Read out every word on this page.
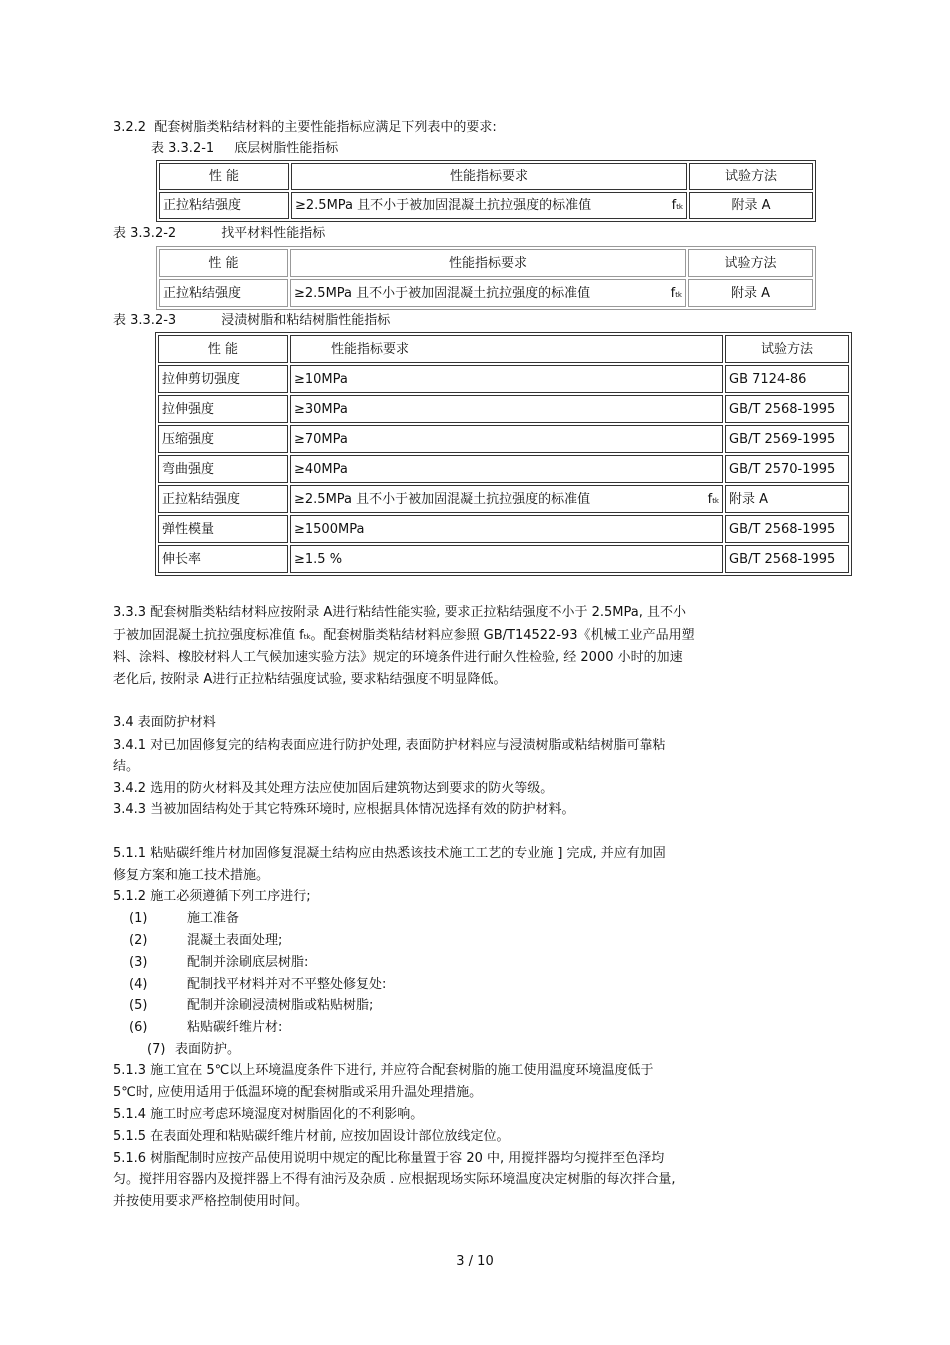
3.2.2 配套树脂类粘结材料的主要性能指标应满足下列表中的要求:
表 3.3.2-1 底层树脂性能指标
性 能	性能指标要求	试验方法
正拉粘结强度	≥2.5MPa 且不小于被加固混凝土抗拉强度的标准值 ftk	附录 A
表 3.3.2-2	找平材料性能指标
性 能	性能指标要求	试验方法
正拉粘结强度	≥2.5MPa 且不小于被加固混凝土抗拉强度的标准值 ftk	附录 A
表 3.3.2-3	浸渍树脂和粘结树脂性能指标
性 能	性能指标要求	试验方法
拉伸剪切强度	≥10MPa	GB 7124-86
拉伸强度	≥30MPa	GB/T 2568-1995
压缩强度	≥70MPa	GB/T 2569-1995
弯曲强度	≥40MPa	GB/T 2570-1995
正拉粘结强度	≥2.5MPa 且不小于被加固混凝土抗拉强度的标准值 ftk	附录 A
弹性模量	≥1500MPa	GB/T 2568-1995
伸长率	≥1.5 %	GB/T 2568-1995
3.3.3 配套树脂类粘结材料应按附录 A进行粘结性能实验, 要求正拉粘结强度不小于 2.5MPa, 且不小
于被加固混凝土抗拉强度标准值 ftk。配套树脂类粘结材料应参照 GB/T14522-93《机械工业产品用塑
料、涂料、橡胶材料人工气候加速实验方法》规定的环境条件进行耐久性检验, 经 2000 小时的加速
老化后, 按附录 A进行正拉粘结强度试验, 要求粘结强度不明显降低。
3.4 表面防护材料
3.4.1 对已加固修复完的结构表面应进行防护处理, 表面防护材料应与浸渍树脂或粘结树脂可靠粘
结。
3.4.2 选用的防火材料及其处理方法应使加固后建筑物达到要求的防火等级。
3.4.3 当被加固结构处于其它特殊环境时, 应根据具体情况选择有效的防护材料。
5.1.1 粘贴碳纤维片材加固修复混凝土结构应由热悉该技术施工工艺的专业施 ] 完成, 并应有加固
修复方案和施工技术措施。
5.1.2 施工必须遵循下列工序进行;
(1)	施工准备
(2)	混凝土表面处理;
(3)	配制并涂刷底层树脂:
(4)	配制找平材料并对不平整处修复处:
(5)	配制并涂刷浸渍树脂或粘贴树脂;
(6)	粘贴碳纤维片材:
(7) 表面防护。
5.1.3 施工宜在 5℃以上环境温度条件下进行, 并应符合配套树脂的施工使用温度环境温度低于
5℃时, 应使用适用于低温环境的配套树脂或采用升温处理措施。
5.1.4 施工时应考虑环境湿度对树脂固化的不利影响。
5.1.5 在表面处理和粘贴碳纤维片材前, 应按加固设计部位放线定位。
5.1.6 树脂配制时应按产品使用说明中规定的配比称量置于容 20 中, 用搅拌器均匀搅拌至色泽均
匀。搅拌用容器内及搅拌器上不得有油污及杂质 . 应根据现场实际环境温度决定树脂的每次拌合量,
并按使用要求严格控制使用时间。
3 / 10
